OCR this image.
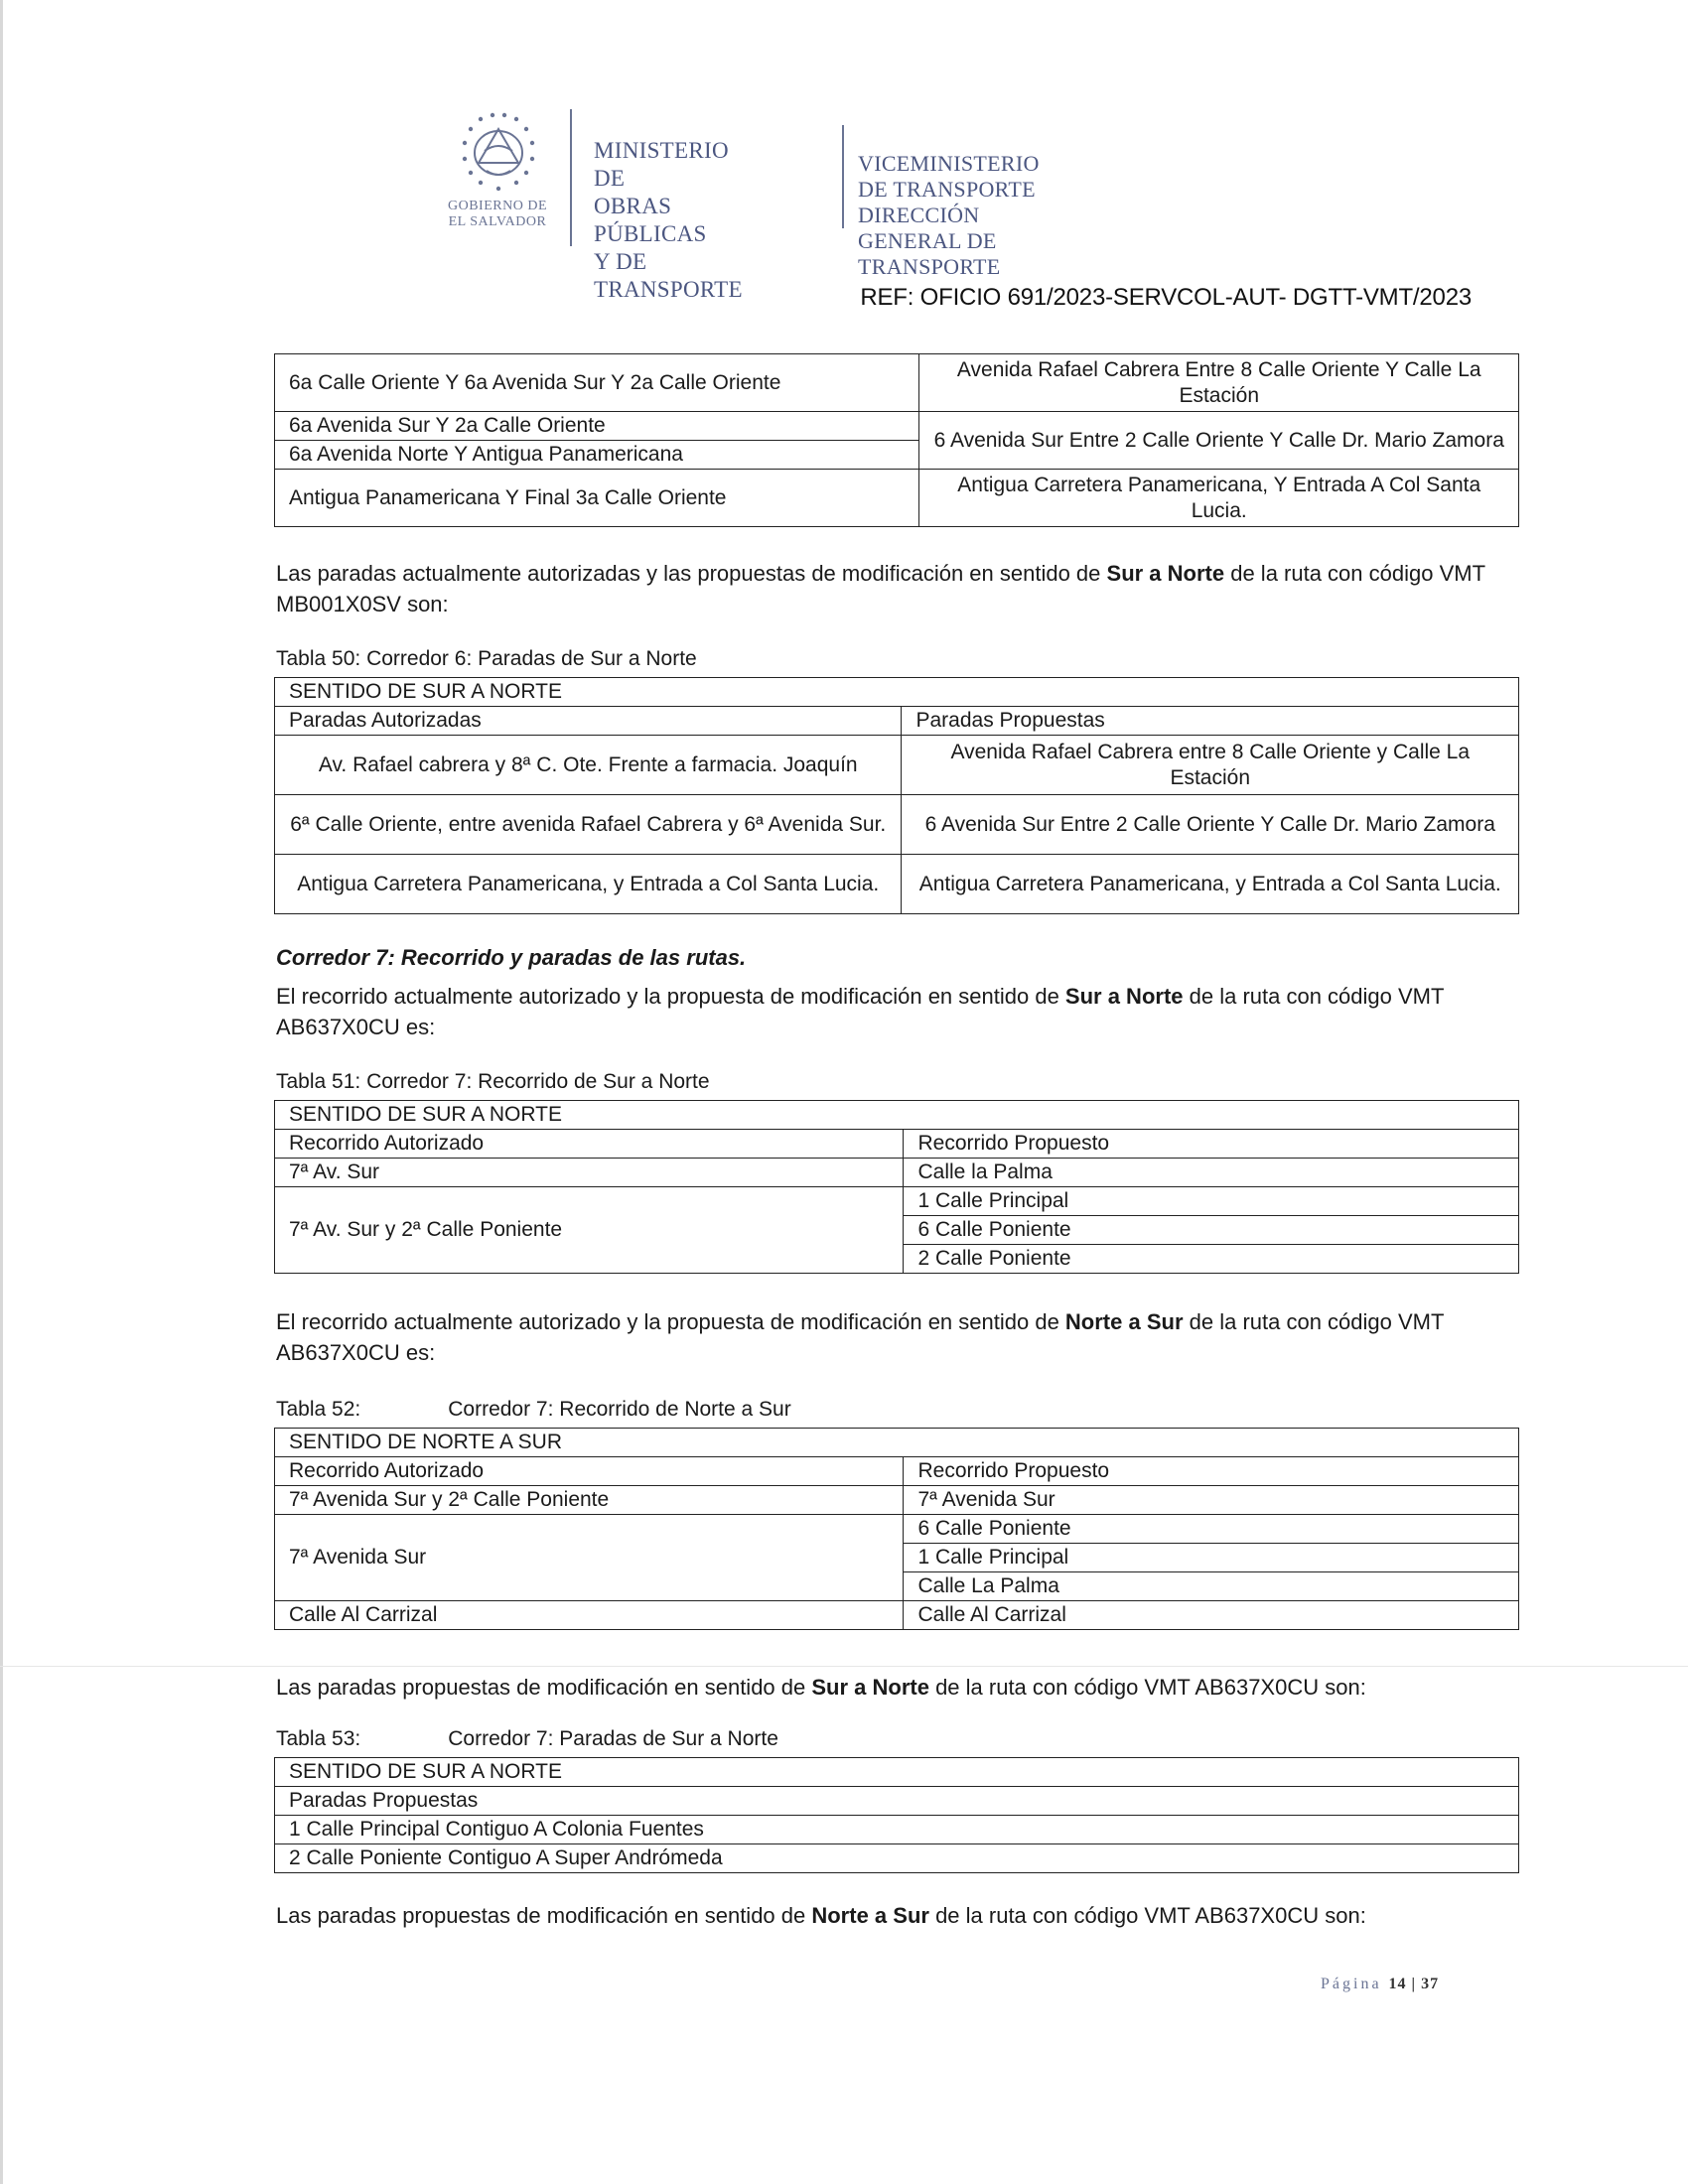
GOBIERNO DE
EL SALVADOR
MINISTERIO DE
OBRAS PÚBLICAS
Y DE TRANSPORTE
VICEMINISTERIO DE TRANSPORTE
DIRECCIÓN GENERAL DE TRANSPORTE
REF: OFICIO 691/2023-SERVCOL-AUT- DGTT-VMT/2023
6a Calle Oriente Y 6a Avenida Sur Y 2a Calle Oriente	Avenida Rafael Cabrera Entre 8 Calle Oriente Y Calle La Estación
6a Avenida Sur Y 2a Calle Oriente	6 Avenida Sur Entre 2 Calle Oriente Y Calle Dr. Mario Zamora
6a Avenida Norte Y Antigua Panamericana	
Antigua Panamericana Y Final 3a Calle Oriente	Antigua Carretera Panamericana, Y Entrada A Col Santa Lucia.
Las paradas actualmente autorizadas y las propuestas de modificación en sentido de Sur a Norte de la ruta con código VMT MB001X0SV son:
Tabla 50: Corredor 6: Paradas de Sur a Norte
SENTIDO DE SUR A NORTE	
Paradas Autorizadas	Paradas Propuestas
Av. Rafael cabrera y 8ª C. Ote. Frente a farmacia. Joaquín	Avenida Rafael Cabrera entre 8 Calle Oriente y Calle La Estación
6ª Calle Oriente, entre avenida Rafael Cabrera y 6ª Avenida Sur.	6 Avenida Sur Entre 2 Calle Oriente Y Calle Dr. Mario Zamora
Antigua Carretera Panamericana, y Entrada a Col Santa Lucia.	Antigua Carretera Panamericana, y Entrada a Col Santa Lucia.
Corredor 7: Recorrido y paradas de las rutas.
El recorrido actualmente autorizado y la propuesta de modificación en sentido de Sur a Norte de la ruta con código VMT AB637X0CU es:
Tabla 51: Corredor 7: Recorrido de Sur a Norte
SENTIDO DE SUR A NORTE	
Recorrido Autorizado	Recorrido Propuesto
7ª Av. Sur	Calle la Palma
7ª Av. Sur y 2ª Calle Poniente	1 Calle Principal
	6 Calle Poniente
	2 Calle Poniente
El recorrido actualmente autorizado y la propuesta de modificación en sentido de Norte a Sur de la ruta con código VMT AB637X0CU es:
Tabla 52:	Corredor 7: Recorrido de Norte a Sur
SENTIDO DE NORTE A SUR	
Recorrido Autorizado	Recorrido Propuesto
7ª Avenida Sur y 2ª Calle Poniente	7ª Avenida Sur
7ª Avenida Sur	6 Calle Poniente
	1 Calle Principal
	Calle La Palma
Calle Al Carrizal	Calle Al Carrizal
Las paradas propuestas de modificación en sentido de Sur a Norte de la ruta con código VMT AB637X0CU son:
Tabla 53:	Corredor 7: Paradas de Sur a Norte
SENTIDO DE SUR A NORTE
Paradas Propuestas
1 Calle Principal Contiguo A Colonia Fuentes
2 Calle Poniente Contiguo A Super Andrómeda
Las paradas propuestas de modificación en sentido de Norte a Sur de la ruta con código VMT AB637X0CU son:
Página 14 | 37
